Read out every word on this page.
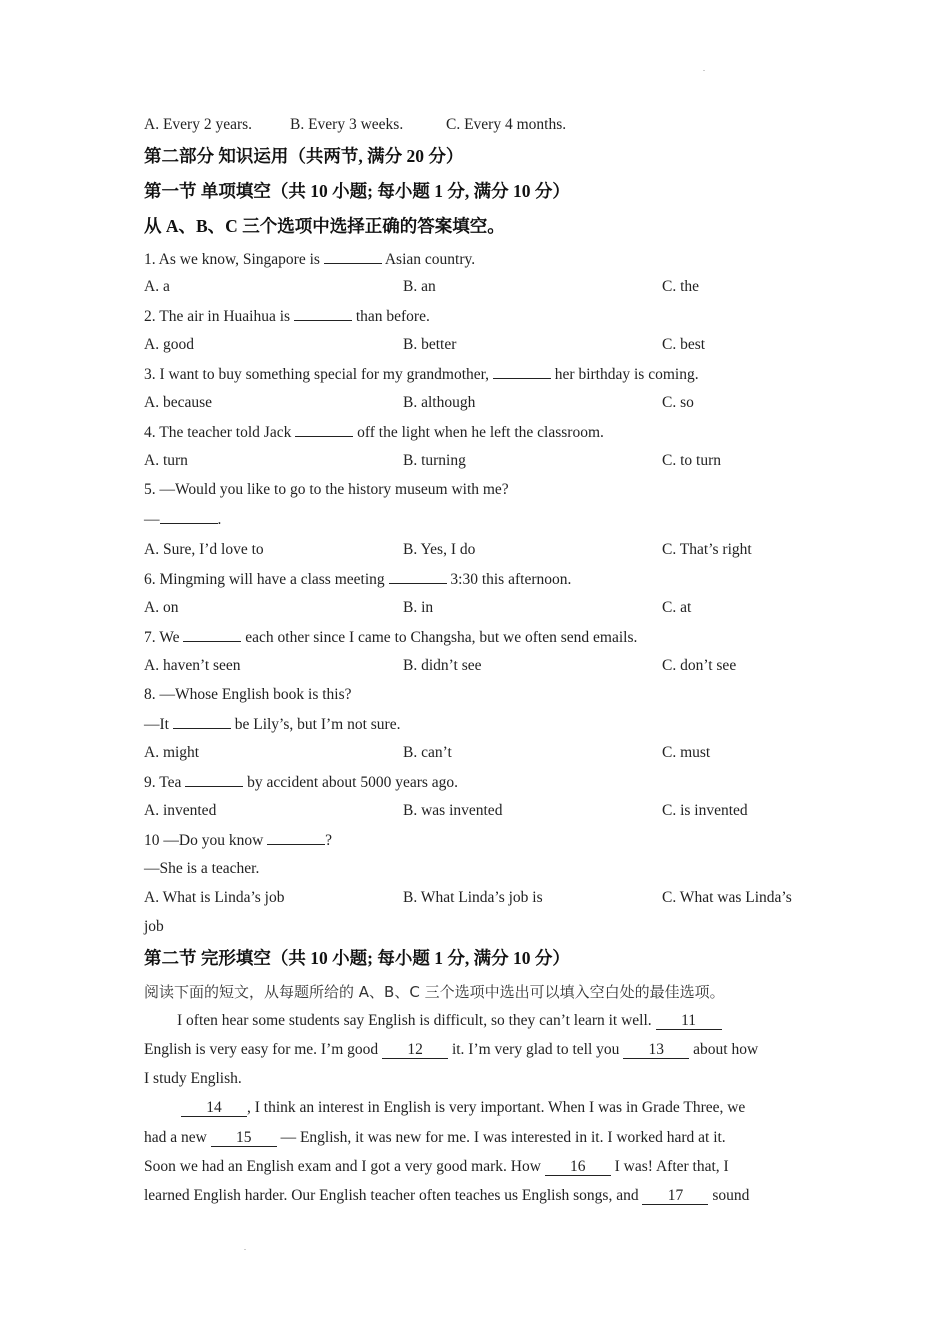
A. Every 2 years. B. Every 3 weeks.	C. Every 4 months.
第二部分 知识运用（共两节, 满分 20 分）
第一节 单项填空（共 10 小题; 每小题 1 分, 满分 10 分）
从 A、B、C 三个选项中选择正确的答案填空。
1. As we know, Singapore is	Asian country.
A. a	B. an	C. the
2. The air in Huaihua is	than before.
A. good	B. better	C. best
3. I want to buy something special for my grandmother,	her birthday is coming.
A. because	B. although	C. so
4. The teacher told Jack	off the light when he left the classroom.
A. turn	B. turning	C. to turn
5. —Would you like to go to the history museum with me?
—	.
A. Sure, I’d love to	B. Yes, I do	C. That’s right
6. Mingming will have a class meeting	3:30 this afternoon.
A. on	B. in	C. at
7. We	each other since I came to Changsha, but we often send emails.
A. haven’t seen	B. didn’t see	C. don’t see
8. —Whose English book is this?
—It	be Lily’s, but I’m not sure.
A. might	B. can’t	C. must
9. Tea	by accident about 5000 years ago.
A. invented	B. was invented	C. is invented
10 —Do you know	?
—She is a teacher.
A. What is Linda’s job	B. What Linda’s job is	C. What was Linda’s
job
第二节 完形填空（共 10 小题; 每小题 1 分, 满分 10 分）
阅读下面的短文，从每题所给的 A、B、C 三个选项中选出可以填入空白处的最佳选项。
I often hear some students say English is difficult, so they can’t learn it well. 11
English is very easy for me. I’m good 12 it. I’m very glad to tell you 13 about how
I study English.
14 , I think an interest in English is very important. When I was in Grade Three, we
had a new 15 — English, it was new for me. I was interested in it. I worked hard at it.
Soon we had an English exam and I got a very good mark. How 16 I was! After that, I
learned English harder. Our English teacher often teaches us English songs, and 17 sound
